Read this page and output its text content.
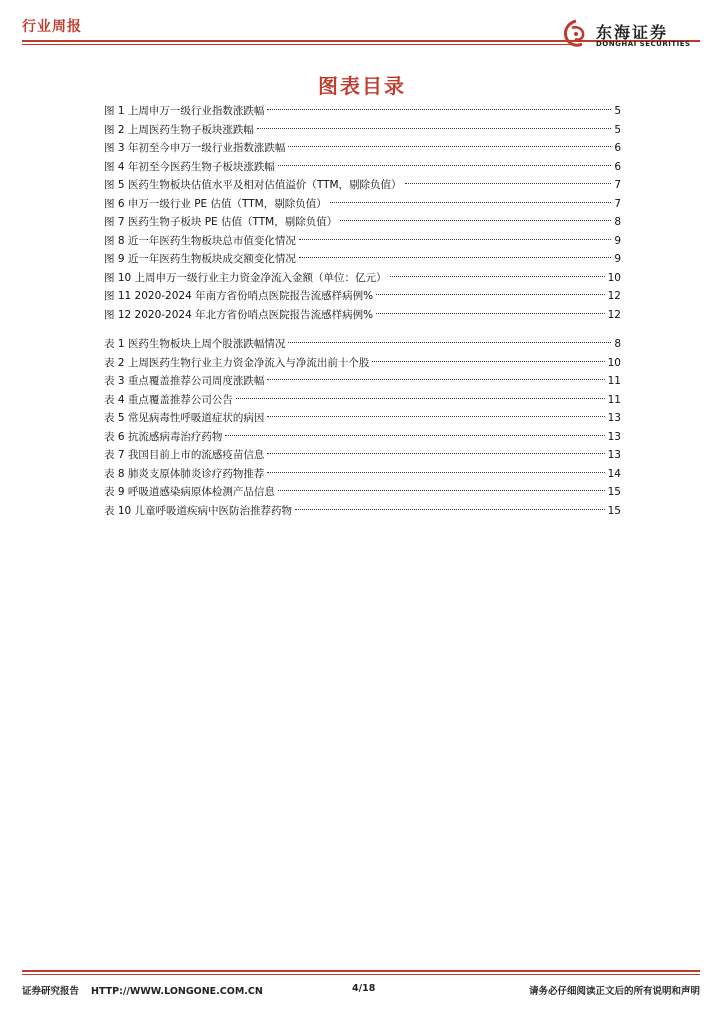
行业周报	东海证券
DONGHAI SECURITIES
图表目录
图 1 上周申万一级行业指数涨跌幅	5
图 2 上周医药生物子板块涨跌幅	5
图 3 年初至今申万一级行业指数涨跌幅	6
图 4 年初至今医药生物子板块涨跌幅	6
图 5 医药生物板块估值水平及相对估值溢价（TTM，剔除负值）	7
图 6 申万一级行业 PE 估值（TTM，剔除负值）	7
图 7 医药生物子板块 PE 估值（TTM，剔除负值）	8
图 8 近一年医药生物板块总市值变化情况	9
图 9 近一年医药生物板块成交额变化情况	9
图 10 上周申万一级行业主力资金净流入金额（单位：亿元）	10
图 11 2020-2024 年南方省份哨点医院报告流感样病例%	12
图 12 2020-2024 年北方省份哨点医院报告流感样病例%	12
表 1 医药生物板块上周个股涨跌幅情况	8
表 2 上周医药生物行业主力资金净流入与净流出前十个股	10
表 3 重点覆盖推荐公司周度涨跌幅	11
表 4 重点覆盖推荐公司公告	11
表 5 常见病毒性呼吸道症状的病因	13
表 6 抗流感病毒治疗药物	13
表 7 我国目前上市的流感疫苗信息	13
表 8 肺炎支原体肺炎诊疗药物推荐	14
表 9 呼吸道感染病原体检测产品信息	15
表 10 儿童呼吸道疾病中医防治推荐药物	15
证券研究报告 HTTP://WWW.LONGONE.COM.CN	4/18	请务必仔细阅读正文后的所有说明和声明
